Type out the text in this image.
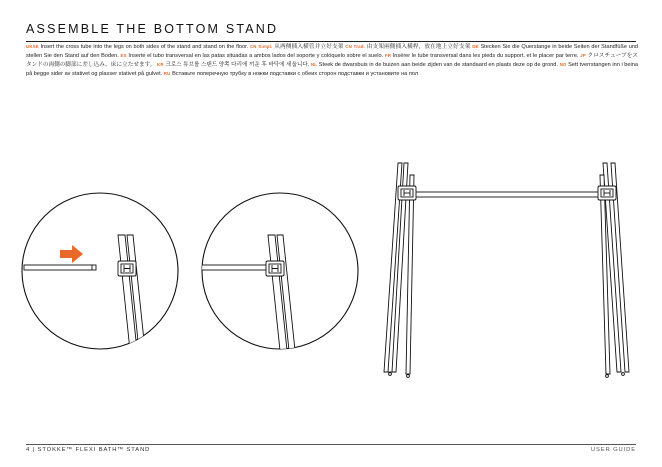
ASSEMBLE THE BOTTOM STAND
UK/IE Insert the cross tube into the legs on both sides of the stand and stand on the floor. CN Simpl. 从两侧插入横管并立好支架 CN Trad. 由支架兩側插入橫桿，放在地上立好支架 DE Stecken Sie die Querstange in beide Seiten der Standfüße und stellen Sie den Stand auf den Boden. ES Inserte el tubo transversal en las patas situadas a ambos lados del soporte y colóquelo sobre el suelo. FR Insérer le tube transversal dans les pieds du support, et le placer par terre. JP クロスチューブをスタンドの両側の脚部に差し込み、床に立たせます。 KR 크로스 튜브를 스탠드 양쪽 다리에 끼운 후 바닥에 세웁니다. NL Steek de dwarsbuis in de buizen aan beide zijden van de standaard en plaats deze op de grond. NO Sett tverrstangen inn i beina på begge sider av stativet og plasser stativet på gulvet. RU Вставьте поперечную трубку в ножки подставки с обеих сторон подставки и установите на пол
4 | STOKKE™ FLEXI BATH™ STAND	USER GUIDE
